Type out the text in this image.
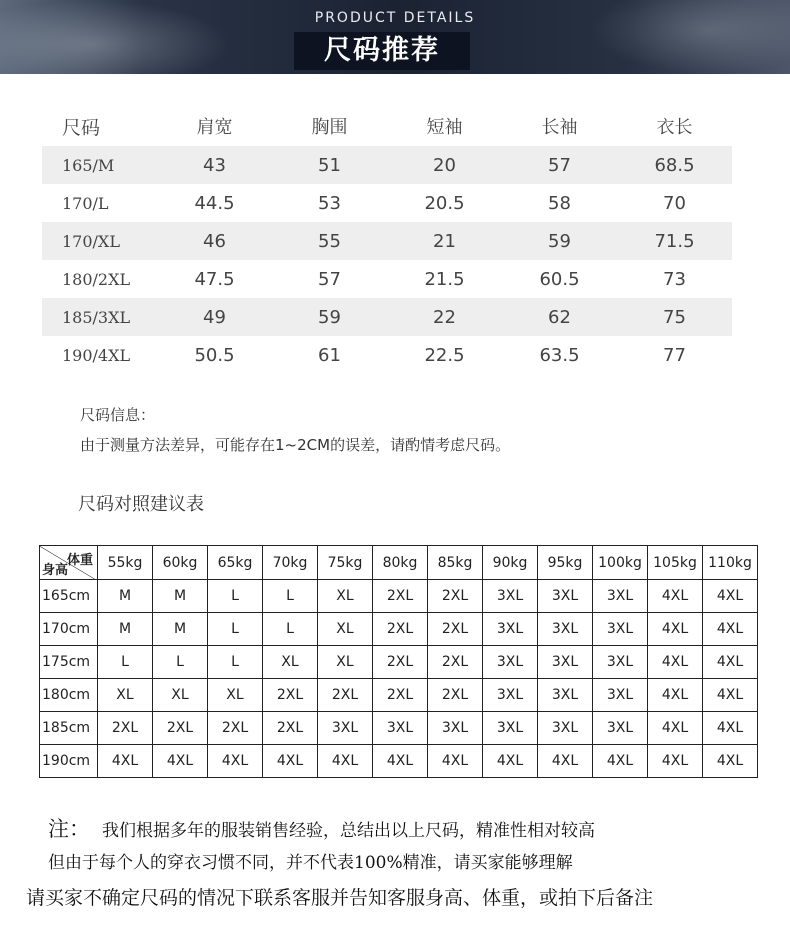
PRODUCT DETAILS
尺码推荐
尺码	肩宽	胸围	短袖	长袖	衣长
165/M	43	51	20	57	68.5
170/L	44.5	53	20.5	58	70
170/XL	46	55	21	59	71.5
180/2XL	47.5	57	21.5	60.5	73
185/3XL	49	59	22	62	75
190/4XL	50.5	61	22.5	63.5	77
尺码信息：
由于测量方法差异，可能存在1~2CM的误差，请酌情考虑尺码。
尺码对照建议表
体重
身高	55kg	60kg	65kg	70kg	75kg	80kg	85kg	90kg	95kg	100kg	105kg	110kg
165cm	M	M	L	L	XL	2XL	2XL	3XL	3XL	3XL	4XL	4XL
170cm	M	M	L	L	XL	2XL	2XL	3XL	3XL	3XL	4XL	4XL
175cm	L	L	L	XL	XL	2XL	2XL	3XL	3XL	3XL	4XL	4XL
180cm	XL	XL	XL	2XL	2XL	2XL	2XL	3XL	3XL	3XL	4XL	4XL
185cm	2XL	2XL	2XL	2XL	3XL	3XL	3XL	3XL	3XL	3XL	4XL	4XL
190cm	4XL	4XL	4XL	4XL	4XL	4XL	4XL	4XL	4XL	4XL	4XL	4XL
注： 我们根据多年的服装销售经验，总结出以上尺码，精准性相对较高
但由于每个人的穿衣习惯不同，并不代表100%精准，请买家能够理解
请买家不确定尺码的情况下联系客服并告知客服身高、体重，或拍下后备注
